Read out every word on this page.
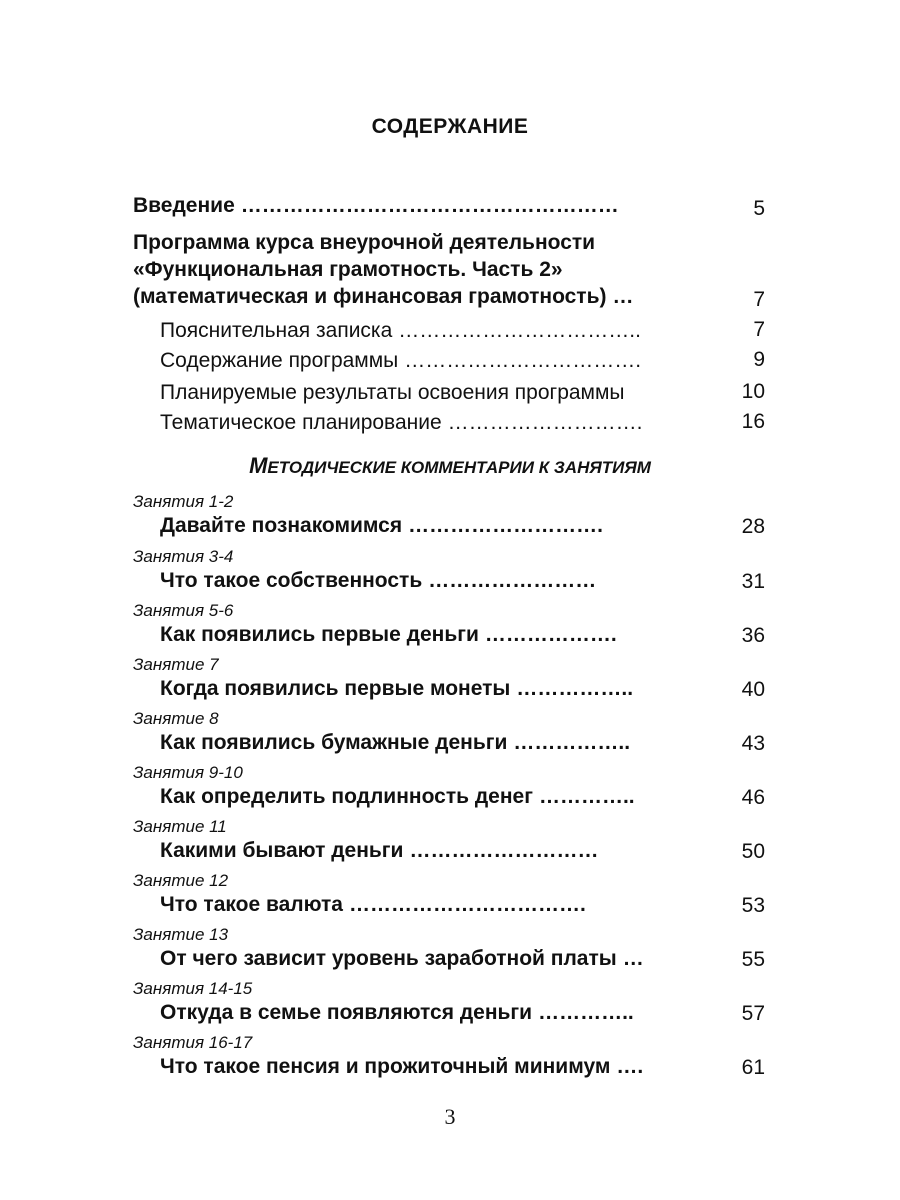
СОДЕРЖАНИЕ
Введение ………………………………………………	5
Программа курса внеурочной деятельности
«Функциональная грамотность. Часть 2»
(математическая и финансовая грамотность) …	7
Пояснительная записка ……………………………..	7
Содержание программы …………………………….	9
Планируемые результаты освоения программы	10
Тематическое планирование ……………………….	16
МЕТОДИЧЕСКИЕ КОММЕНТАРИИ К ЗАНЯТИЯМ
Занятия 1-2
Давайте познакомимся ……………………….	28
Занятия 3-4
Что такое собственность ……………………	31
Занятия 5-6
Как появились первые деньги ……………….	36
Занятие 7
Когда появились первые монеты ……………..	40
Занятие 8
Как появились бумажные деньги ……………..	43
Занятия 9-10
Как определить подлинность денег …………..	46
Занятие 11
Какими бывают деньги ………………………	50
Занятие 12
Что такое валюта …………………………….	53
Занятие 13
От чего зависит уровень заработной платы …	55
Занятия 14-15
Откуда в семье появляются деньги …………..	57
Занятия 16-17
Что такое пенсия и прожиточный минимум ….	61
3
